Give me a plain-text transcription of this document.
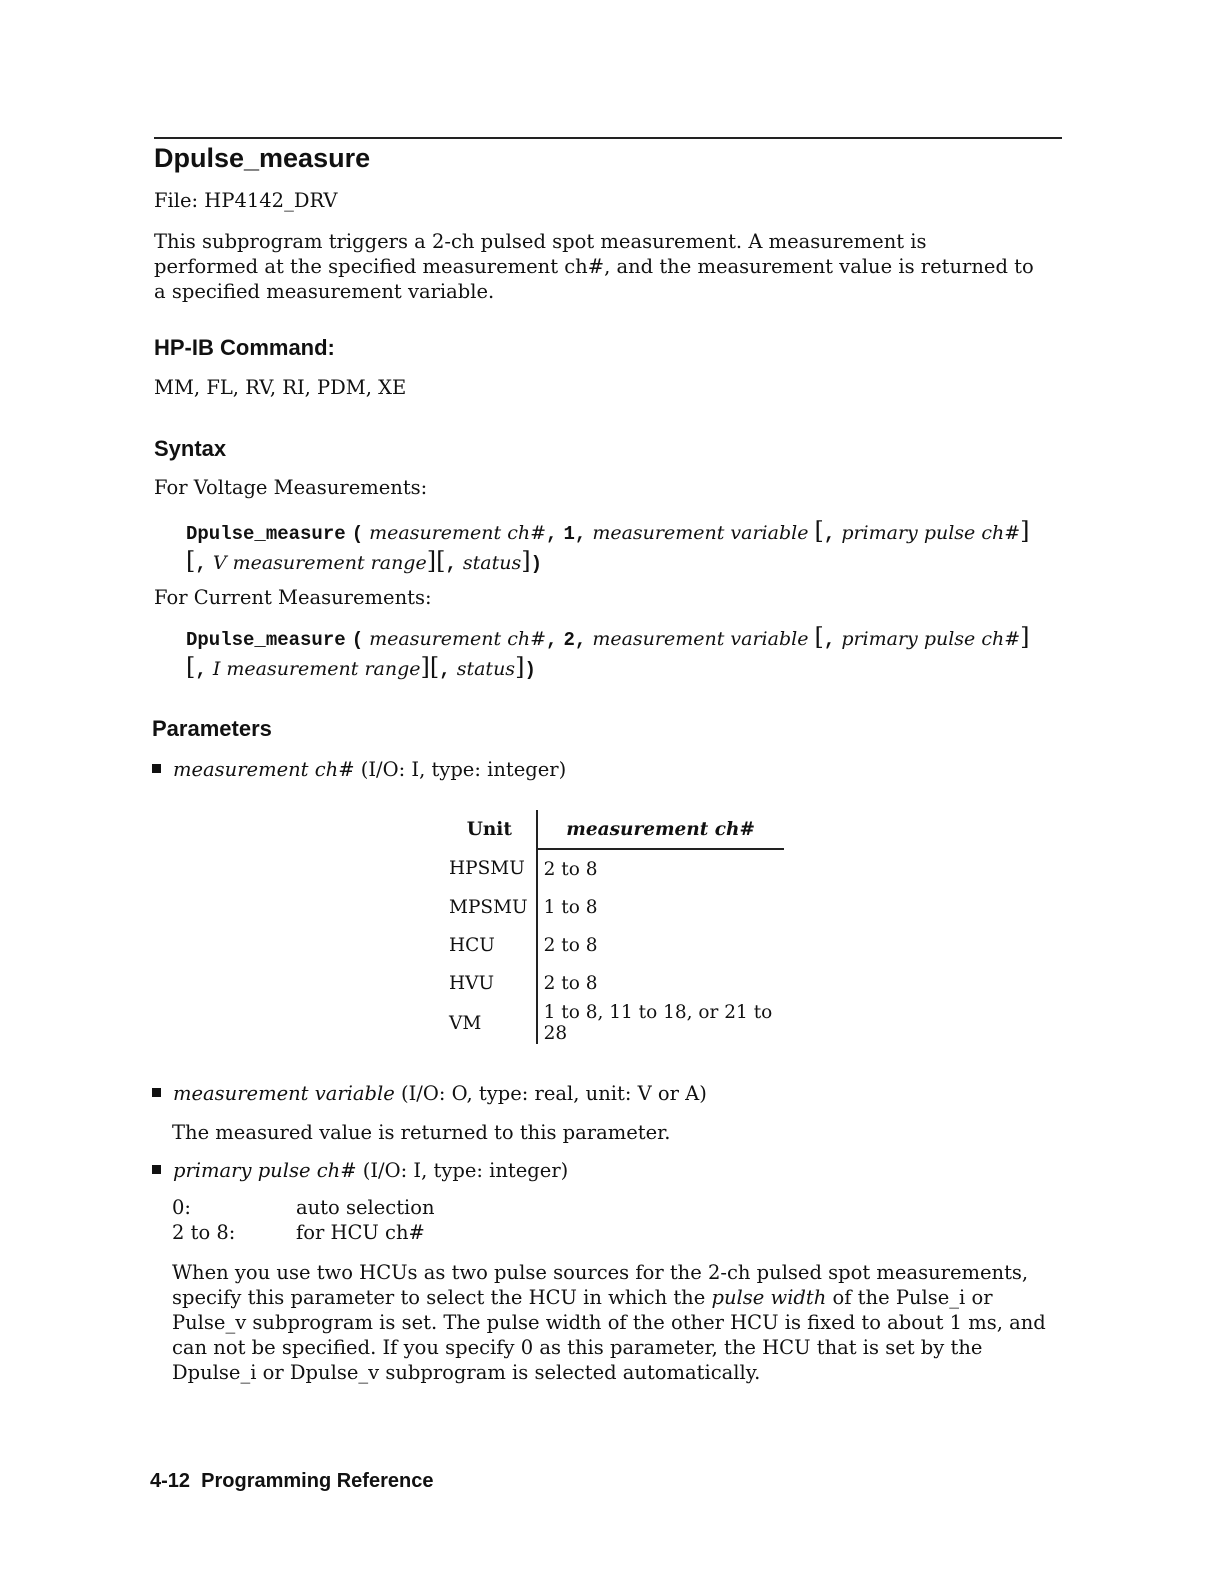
Dpulse_measure
File: HP4142_DRV
This subprogram triggers a 2-ch pulsed spot measurement. A measurement is performed at the specified measurement ch#, and the measurement value is returned to a specified measurement variable.
HP-IB Command:
MM, FL, RV, RI, PDM, XE
Syntax
For Voltage Measurements:
Dpulse_measure ( measurement ch#, 1, measurement variable [, primary pulse ch#]
[, V measurement range][, status])
For Current Measurements:
Dpulse_measure ( measurement ch#, 2, measurement variable [, primary pulse ch#]
[, I measurement range][, status])
Parameters
measurement ch# (I/O: I, type: integer)
Unit	measurement ch#
HPSMU	2 to 8
MPSMU	1 to 8
HCU	2 to 8
HVU	2 to 8
VM	1 to 8, 11 to 18, or 21 to 28
measurement variable (I/O: O, type: real, unit: V or A)
The measured value is returned to this parameter.
primary pulse ch# (I/O: I, type: integer)
0:	auto selection
2 to 8:	for HCU ch#
When you use two HCUs as two pulse sources for the 2-ch pulsed spot measurements, specify this parameter to select the HCU in which the pulse width of the Pulse_i or Pulse_v subprogram is set. The pulse width of the other HCU is fixed to about 1 ms, and can not be specified. If you specify 0 as this parameter, the HCU that is set by the Dpulse_i or Dpulse_v subprogram is selected automatically.
4-12  Programming Reference
